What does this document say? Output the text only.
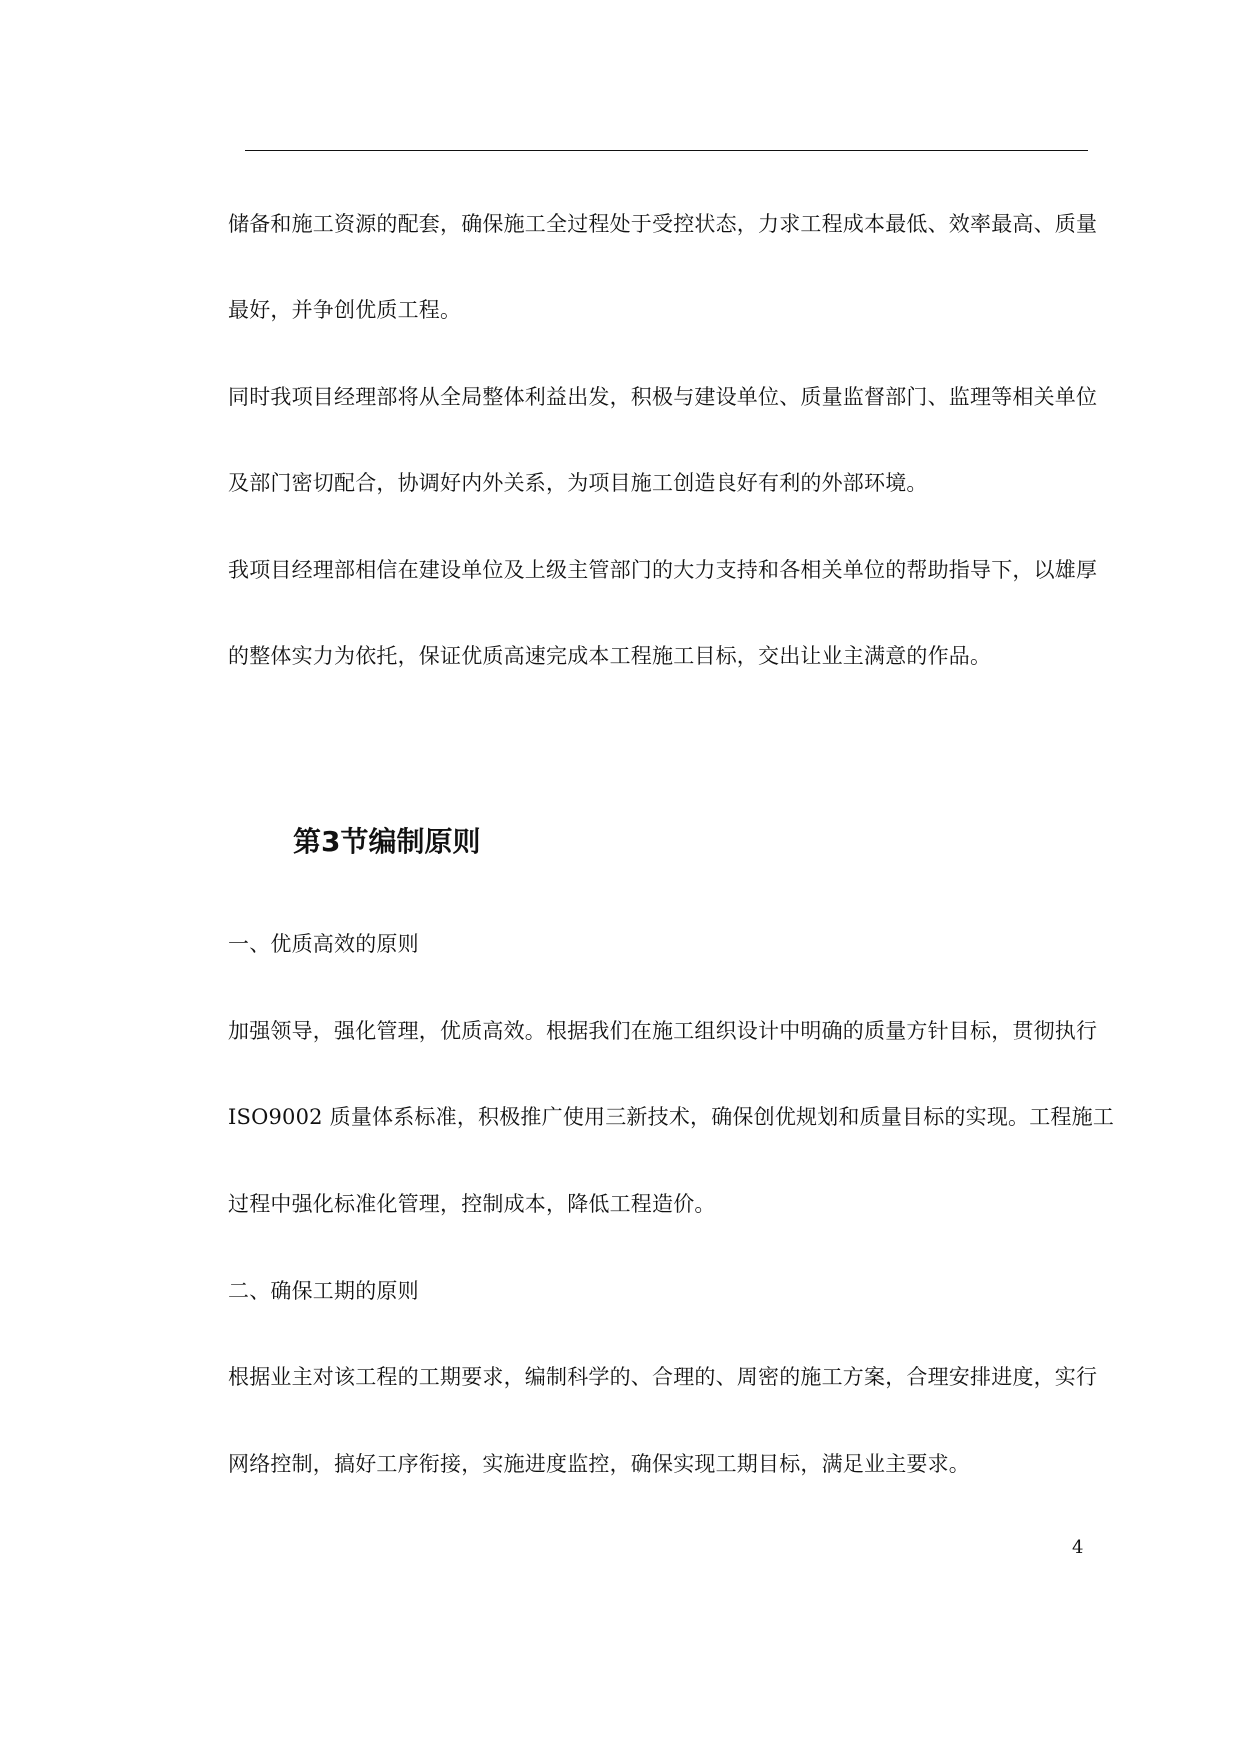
储备和施工资源的配套，确保施工全过程处于受控状态，力求工程成本最低、效率最高、质量
最好，并争创优质工程。
同时我项目经理部将从全局整体利益出发，积极与建设单位、质量监督部门、监理等相关单位
及部门密切配合，协调好内外关系，为项目施工创造良好有利的外部环境。
我项目经理部相信在建设单位及上级主管部门的大力支持和各相关单位的帮助指导下，以雄厚
的整体实力为依托，保证优质高速完成本工程施工目标，交出让业主满意的作品。
第3节编制原则
一、优质高效的原则
加强领导，强化管理，优质高效。根据我们在施工组织设计中明确的质量方针目标，贯彻执行
ISO9002 质量体系标准，积极推广使用三新技术，确保创优规划和质量目标的实现。工程施工
过程中强化标准化管理，控制成本，降低工程造价。
二、确保工期的原则
根据业主对该工程的工期要求，编制科学的、合理的、周密的施工方案，合理安排进度，实行
网络控制，搞好工序衔接，实施进度监控，确保实现工期目标，满足业主要求。
4
